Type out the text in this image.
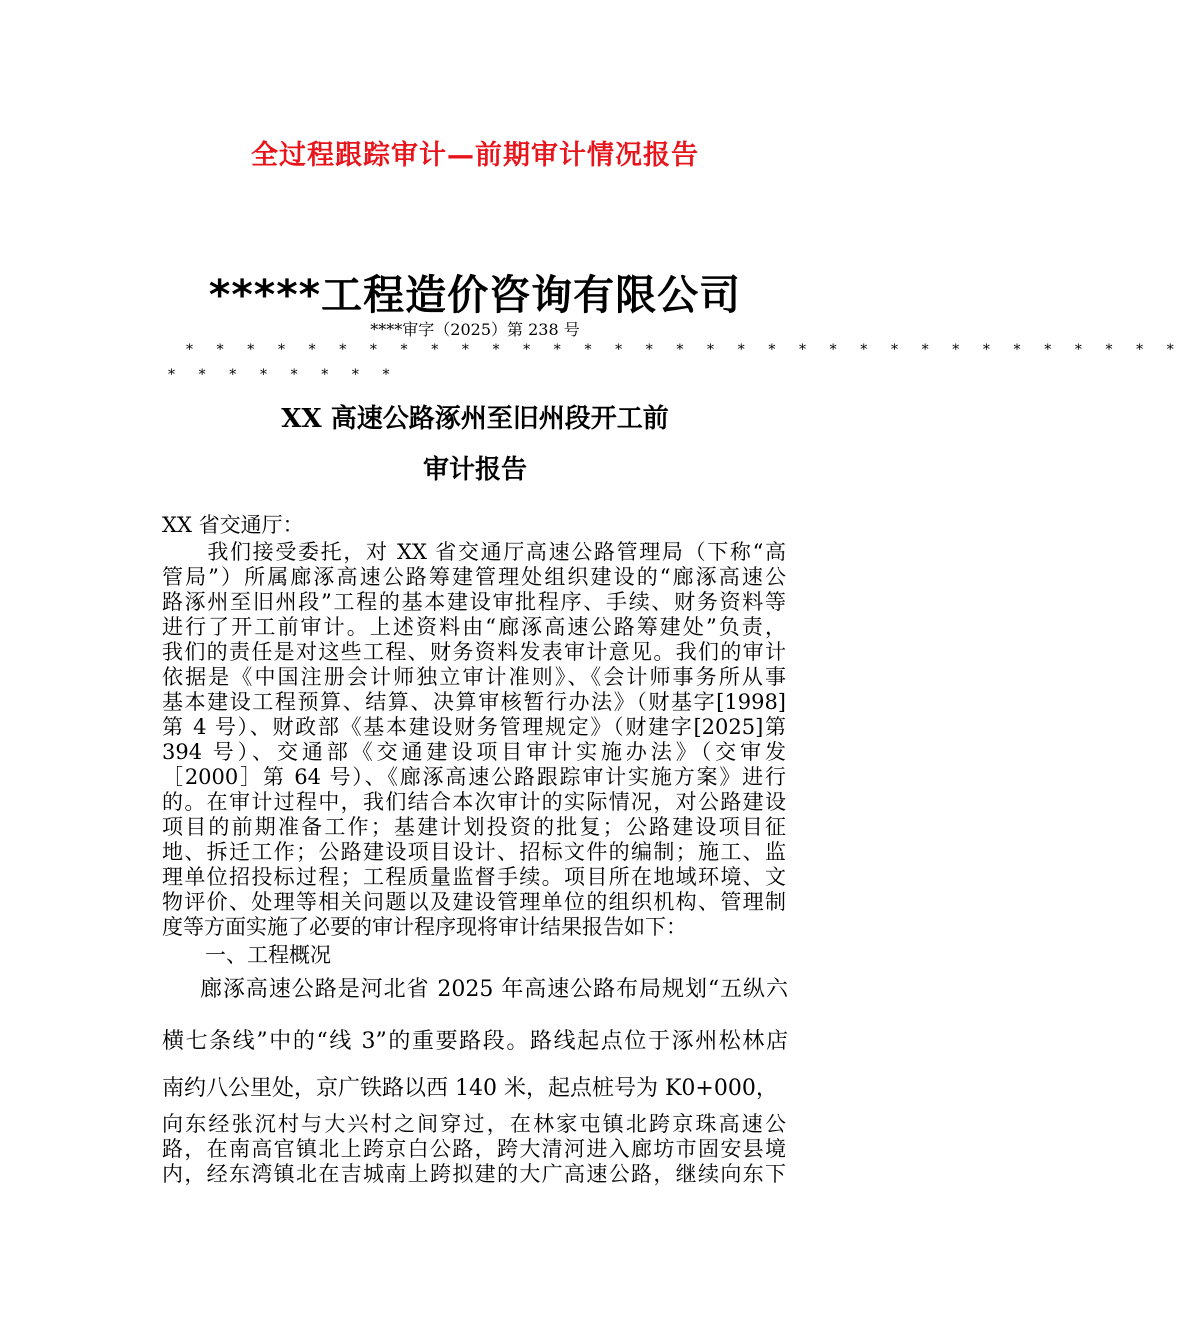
全过程跟踪审计—前期审计情况报告
*****工程造价咨询有限公司
****审字（2025）第 238 号
* * * * * * * * * * * * * * * * * * * * * * * * * * * * * * * * *
* * * * * * * *
XX 高速公路涿州至旧州段开工前
审计报告
XX 省交通厅：
　　我们接受委托，对 XX 省交通厅高速公路管理局（下称“高
管局”）所属廊涿高速公路筹建管理处组织建设的“廊涿高速公
路涿州至旧州段”工程的基本建设审批程序、手续、财务资料等
进行了开工前审计。上述资料由“廊涿高速公路筹建处”负责，
我们的责任是对这些工程、财务资料发表审计意见。我们的审计
依据是《中国注册会计师独立审计准则》、《会计师事务所从事
基本建设工程预算、结算、决算审核暂行办法》（财基字[1998]
第 4 号）、财政部《基本建设财务管理规定》（财建字[2025]第
394 号）、交通部《交通建设项目审计实施办法》（交审发
［2000］第 64 号）、《廊涿高速公路跟踪审计实施方案》进行
的。在审计过程中，我们结合本次审计的实际情况，对公路建设
项目的前期准备工作；基建计划投资的批复；公路建设项目征
地、拆迁工作；公路建设项目设计、招标文件的编制；施工、监
理单位招投标过程；工程质量监督手续。项目所在地域环境、文
物评价、处理等相关问题以及建设管理单位的组织机构、管理制
度等方面实施了必要的审计程序现将审计结果报告如下：
一、工程概况
廊涿高速公路是河北省 2025 年高速公路布局规划“五纵六
横七条线”中的“线 3”的重要路段。路线起点位于涿州松林店
南约八公里处，京广铁路以西 140 米，起点桩号为 K0+000，
向东经张沉村与大兴村之间穿过，在林家屯镇北跨京珠高速公
路，在南高官镇北上跨京白公路，跨大清河进入廊坊市固安县境
内，经东湾镇北在吉城南上跨拟建的大广高速公路，继续向东下
